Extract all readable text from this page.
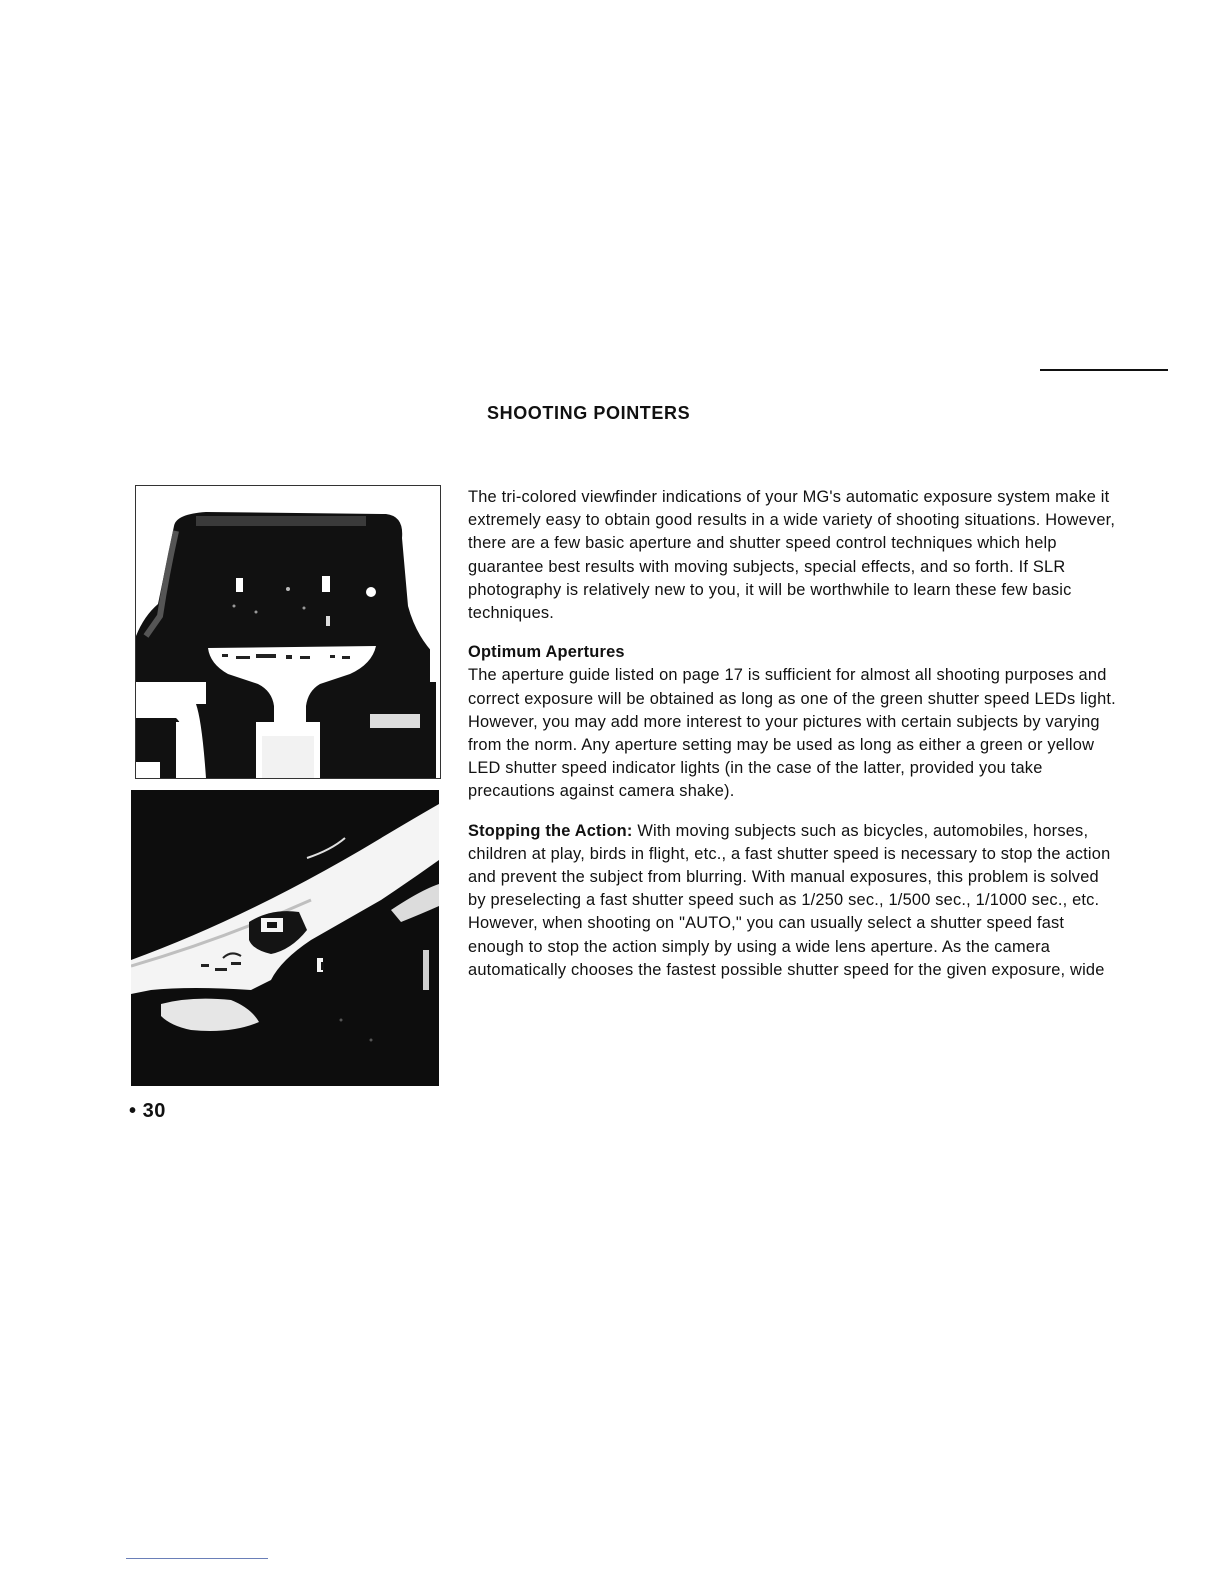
SHOOTING POINTERS

The tri-colored viewfinder indications of your MG's automatic exposure system make it extremely easy to obtain good results in a wide variety of shooting situations. However, there are a few basic aperture and shutter speed control techniques which help guarantee best results with moving subjects, special effects, and so forth. If SLR photography is relatively new to you, it will be worthwhile to learn these few basic techniques.

Optimum Apertures

The aperture guide listed on page 17 is sufficient for almost all shooting purposes and correct exposure will be obtained as long as one of the green shutter speed LEDs light. However, you may add more interest to your pictures with certain subjects by varying from the norm. Any aperture setting may be used as long as either a green or yellow LED shutter speed indicator lights (in the case of the latter, provided you take precautions against camera shake).

Stopping the Action: With moving subjects such as bicycles, automobiles, horses, children at play, birds in flight, etc., a fast shutter speed is necessary to stop the action and prevent the subject from blurring. With manual exposures, this problem is solved by preselecting a fast shutter speed such as 1/250 sec., 1/500 sec., 1/1000 sec., etc. However, when shooting on "AUTO," you can usually select a shutter speed fast enough to stop the action simply by using a wide lens aperture. As the camera automatically chooses the fastest possible shutter speed for the given exposure, wide

• 30
